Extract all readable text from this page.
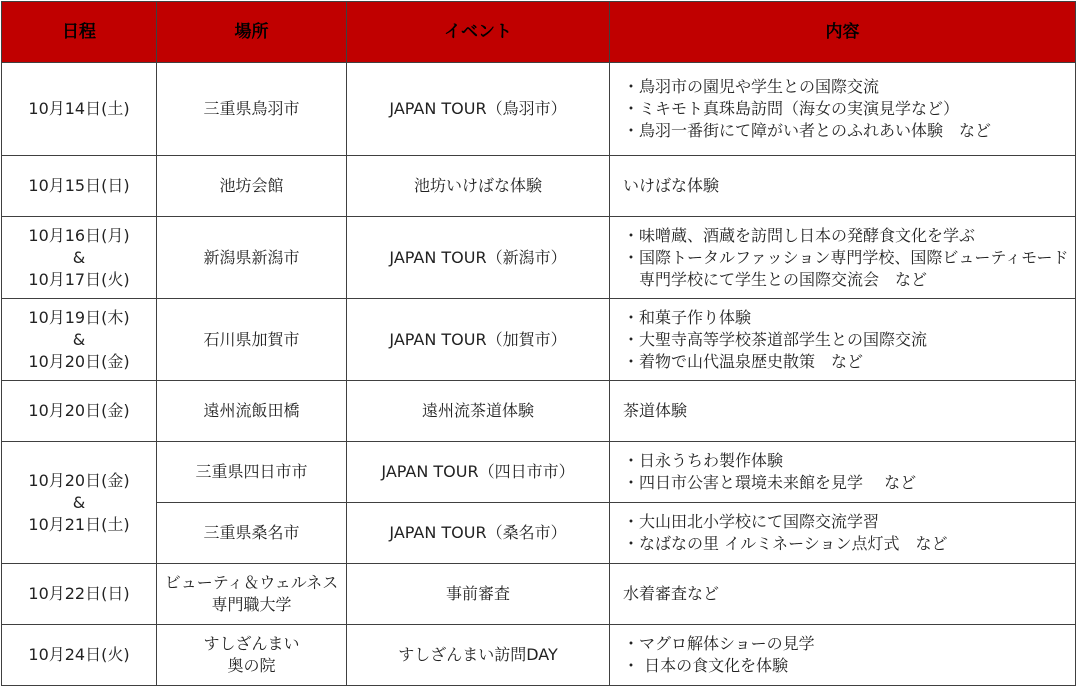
日程	場所	イベント	内容

10月14日(土)	三重県鳥羽市	JAPAN TOUR（鳥羽市）	・鳥羽市の園児や学生との国際交流
・ミキモト真珠島訪問（海女の実演見学など）
・鳥羽一番街にて障がい者とのふれあい体験　など

10月15日(日)	池坊会館	池坊いけばな体験	いけばな体験

10月16日(月)
&
10月17日(火)	新潟県新潟市	JAPAN TOUR（新潟市）	・味噌蔵、酒蔵を訪問し日本の発酵食文化を学ぶ
・国際トータルファッション専門学校、国際ビューティモード
専門学校にて学生との国際交流会　など

10月19日(木)
&
10月20日(金)	石川県加賀市	JAPAN TOUR（加賀市）	・和菓子作り体験
・大聖寺高等学校茶道部学生との国際交流
・着物で山代温泉歴史散策　など

10月20日(金)	遠州流飯田橋	遠州流茶道体験	茶道体験

10月20日(金)
&
10月21日(土)	三重県四日市市	JAPAN TOUR（四日市市）	・日永うちわ製作体験
・四日市公害と環境未来館を見学　 など

	三重県桑名市	JAPAN TOUR（桑名市）	・大山田北小学校にて国際交流学習
・なばなの里 イルミネーション点灯式　など

10月22日(日)	ビューティ＆ウェルネス
専門職大学	事前審査	水着審査など

10月24日(火)	すしざんまい
奥の院	すしざんまい訪問DAY	・マグロ解体ショーの見学
・ 日本の食文化を体験
